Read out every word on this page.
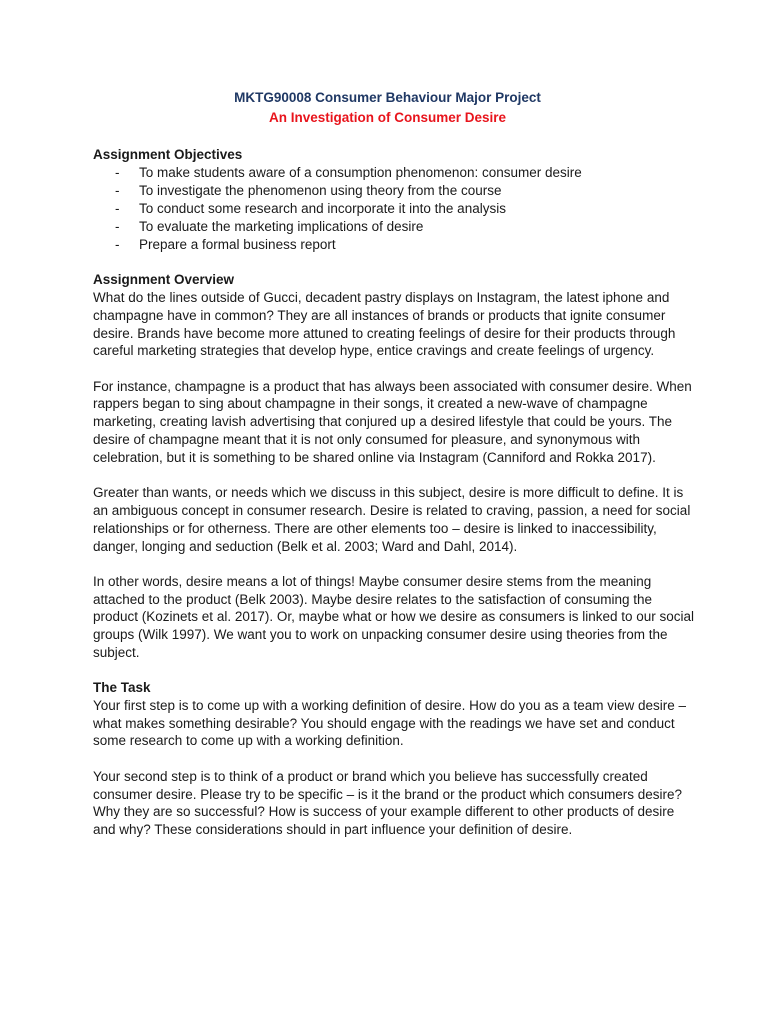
MKTG90008 Consumer Behaviour Major Project
An Investigation of Consumer Desire
Assignment Objectives
- To make students aware of a consumption phenomenon: consumer desire
- To investigate the phenomenon using theory from the course
- To conduct some research and incorporate it into the analysis
- To evaluate the marketing implications of desire
- Prepare a formal business report
Assignment Overview

What do the lines outside of Gucci, decadent pastry displays on Instagram, the latest iphone and champagne have in common? They are all instances of brands or products that ignite consumer desire. Brands have become more attuned to creating feelings of desire for their products through careful marketing strategies that develop hype, entice cravings and create feelings of urgency.

For instance, champagne is a product that has always been associated with consumer desire. When rappers began to sing about champagne in their songs, it created a new-wave of champagne marketing, creating lavish advertising that conjured up a desired lifestyle that could be yours. The desire of champagne meant that it is not only consumed for pleasure, and synonymous with celebration, but it is something to be shared online via Instagram (Canniford and Rokka 2017).

Greater than wants, or needs which we discuss in this subject, desire is more difficult to define. It is an ambiguous concept in consumer research. Desire is related to craving, passion, a need for social relationships or for otherness. There are other elements too – desire is linked to inaccessibility, danger, longing and seduction (Belk et al. 2003; Ward and Dahl, 2014).

In other words, desire means a lot of things! Maybe consumer desire stems from the meaning attached to the product (Belk 2003). Maybe desire relates to the satisfaction of consuming the product (Kozinets et al. 2017). Or, maybe what or how we desire as consumers is linked to our social groups (Wilk 1997). We want you to work on unpacking consumer desire using theories from the subject.

The Task

Your first step is to come up with a working definition of desire. How do you as a team view desire – what makes something desirable? You should engage with the readings we have set and conduct some research to come up with a working definition.

Your second step is to think of a product or brand which you believe has successfully created consumer desire. Please try to be specific – is it the brand or the product which consumers desire? Why they are so successful? How is success of your example different to other products of desire and why? These considerations should in part influence your definition of desire.
